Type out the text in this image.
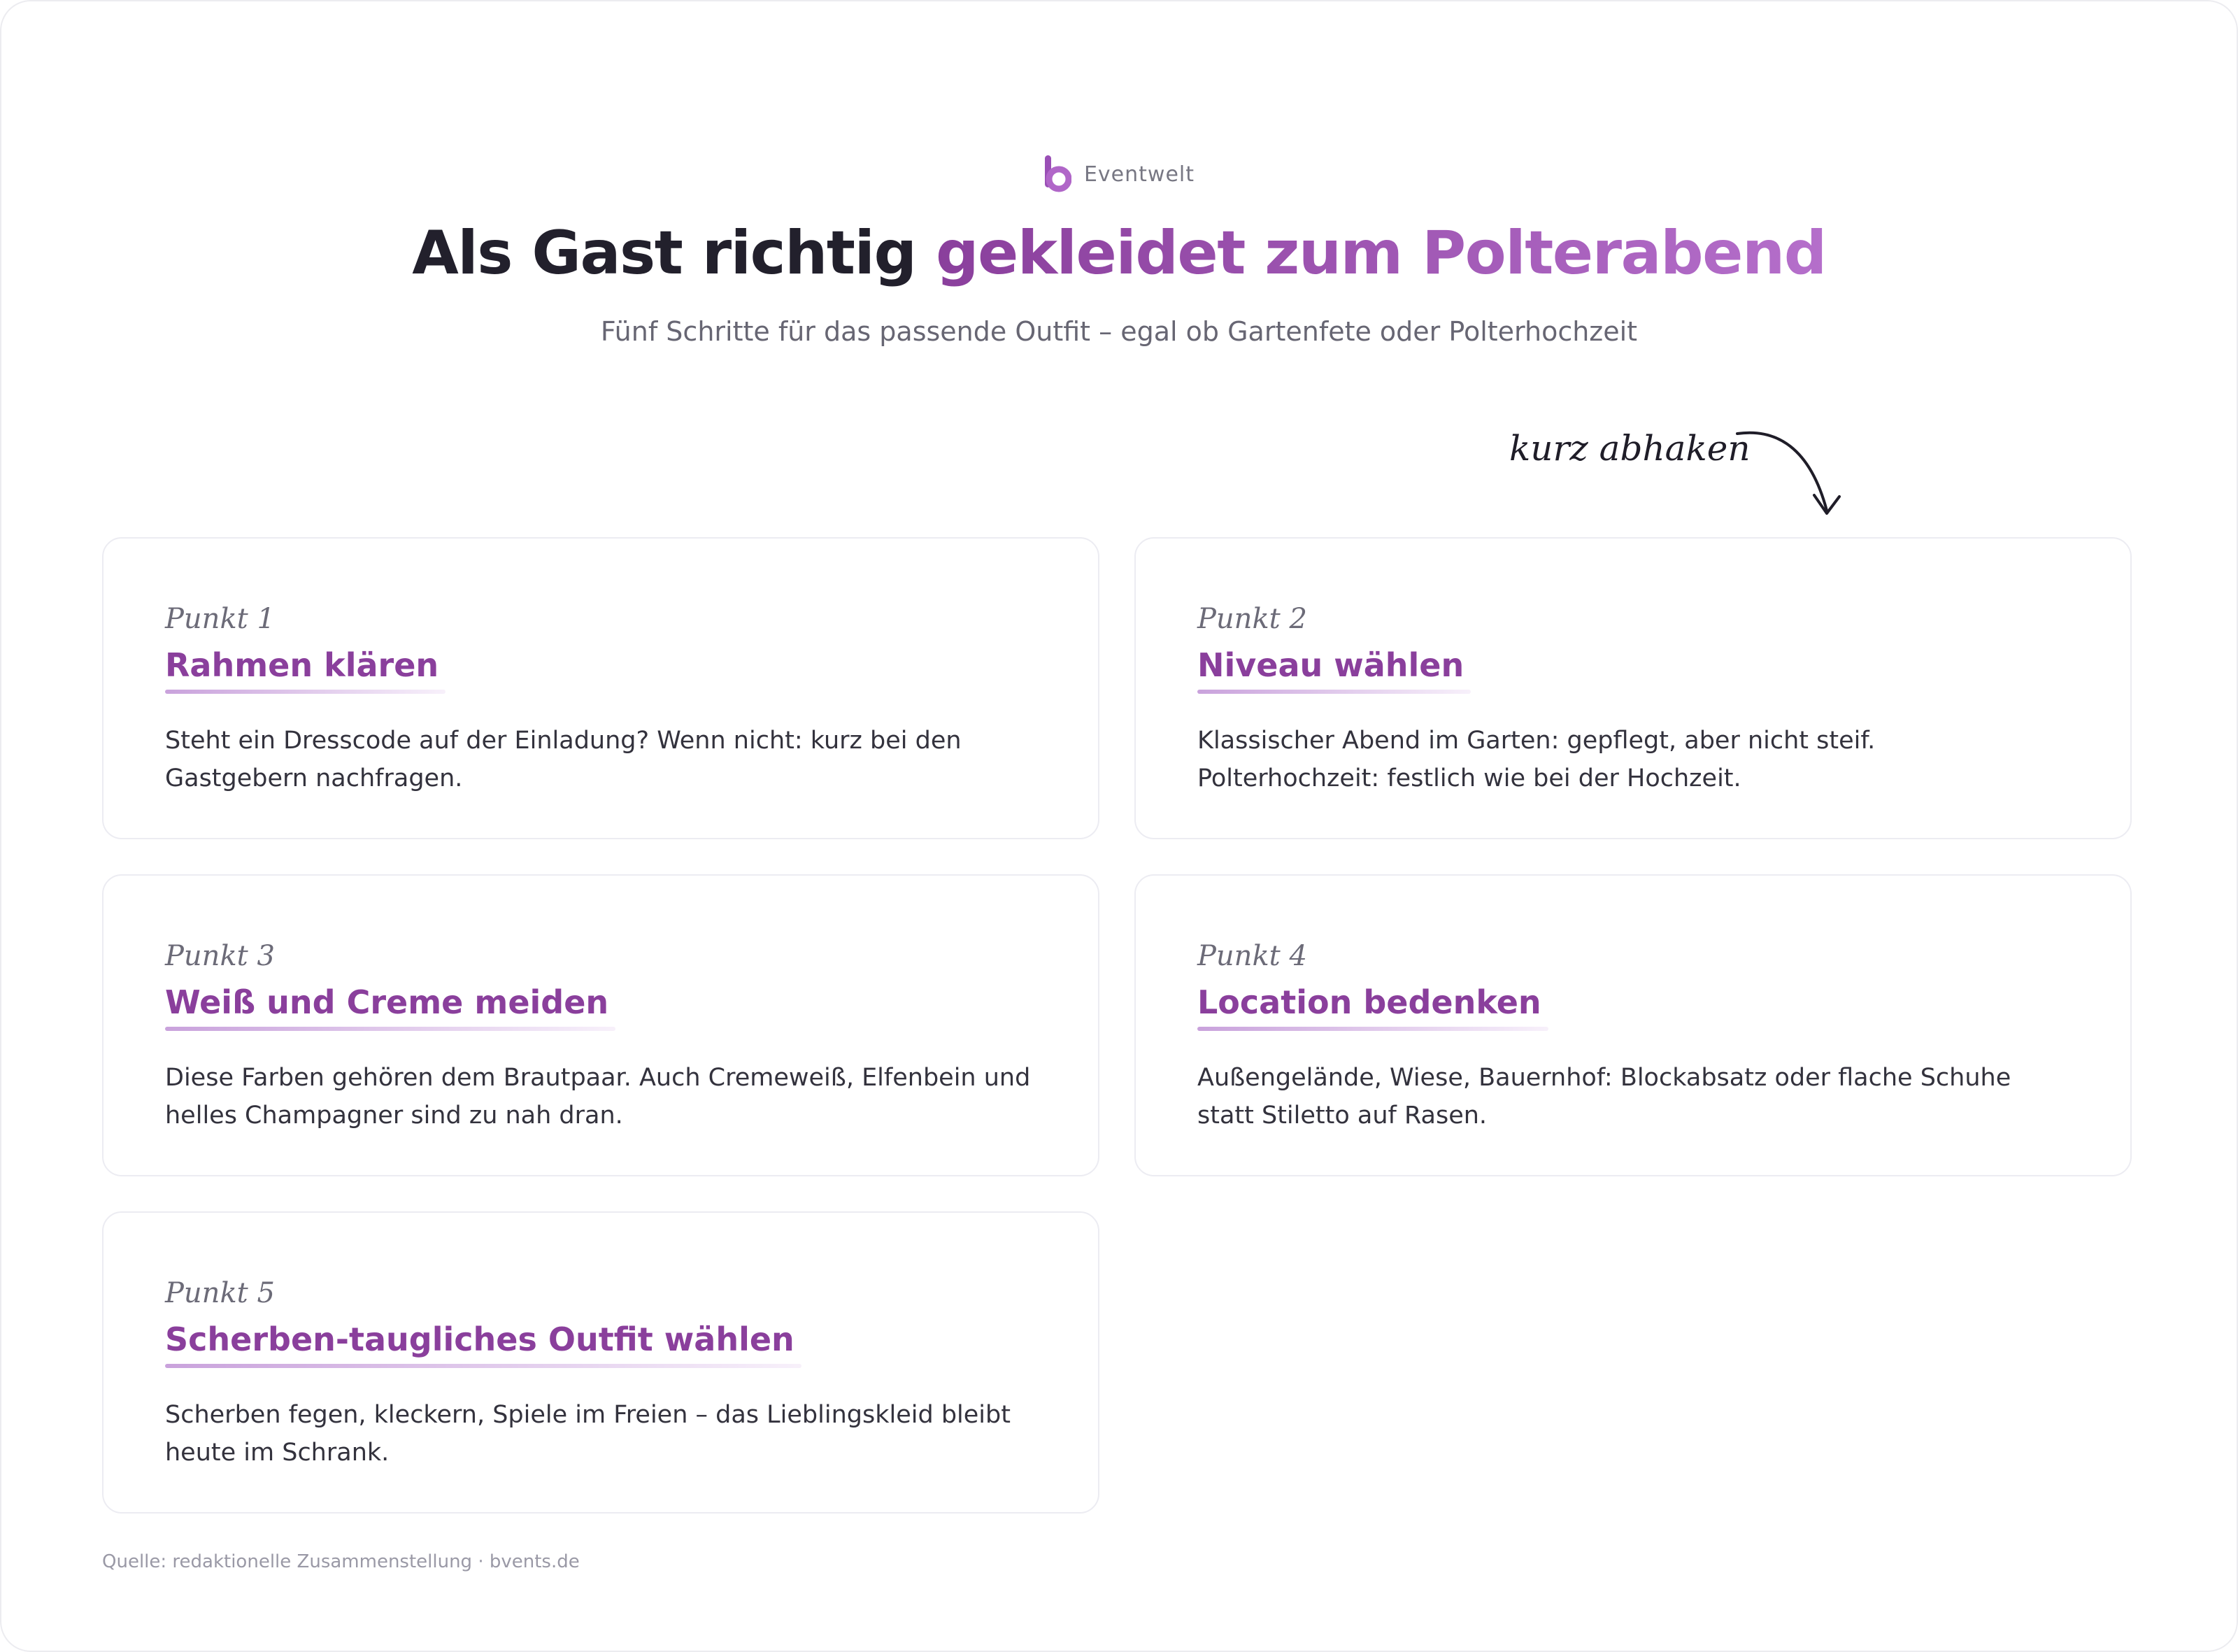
Eventwelt
Als Gast richtig gekleidet zum Polterabend
Fünf Schritte für das passende Outfit – egal ob Gartenfete oder Polterhochzeit
kurz abhaken
Punkt 1
Rahmen klären
Steht ein Dresscode auf der Einladung? Wenn nicht: kurz bei den Gastgebern nachfragen.
Punkt 2
Niveau wählen
Klassischer Abend im Garten: gepflegt, aber nicht steif. Polterhochzeit: festlich wie bei der Hochzeit.
Punkt 3
Weiß und Creme meiden
Diese Farben gehören dem Brautpaar. Auch Cremeweiß, Elfenbein und helles Champagner sind zu nah dran.
Punkt 4
Location bedenken
Außengelände, Wiese, Bauernhof: Blockabsatz oder flache Schuhe statt Stiletto auf Rasen.
Punkt 5
Scherben-taugliches Outfit wählen
Scherben fegen, kleckern, Spiele im Freien – das Lieblingskleid bleibt heute im Schrank.
Quelle: redaktionelle Zusammenstellung · bvents.de
